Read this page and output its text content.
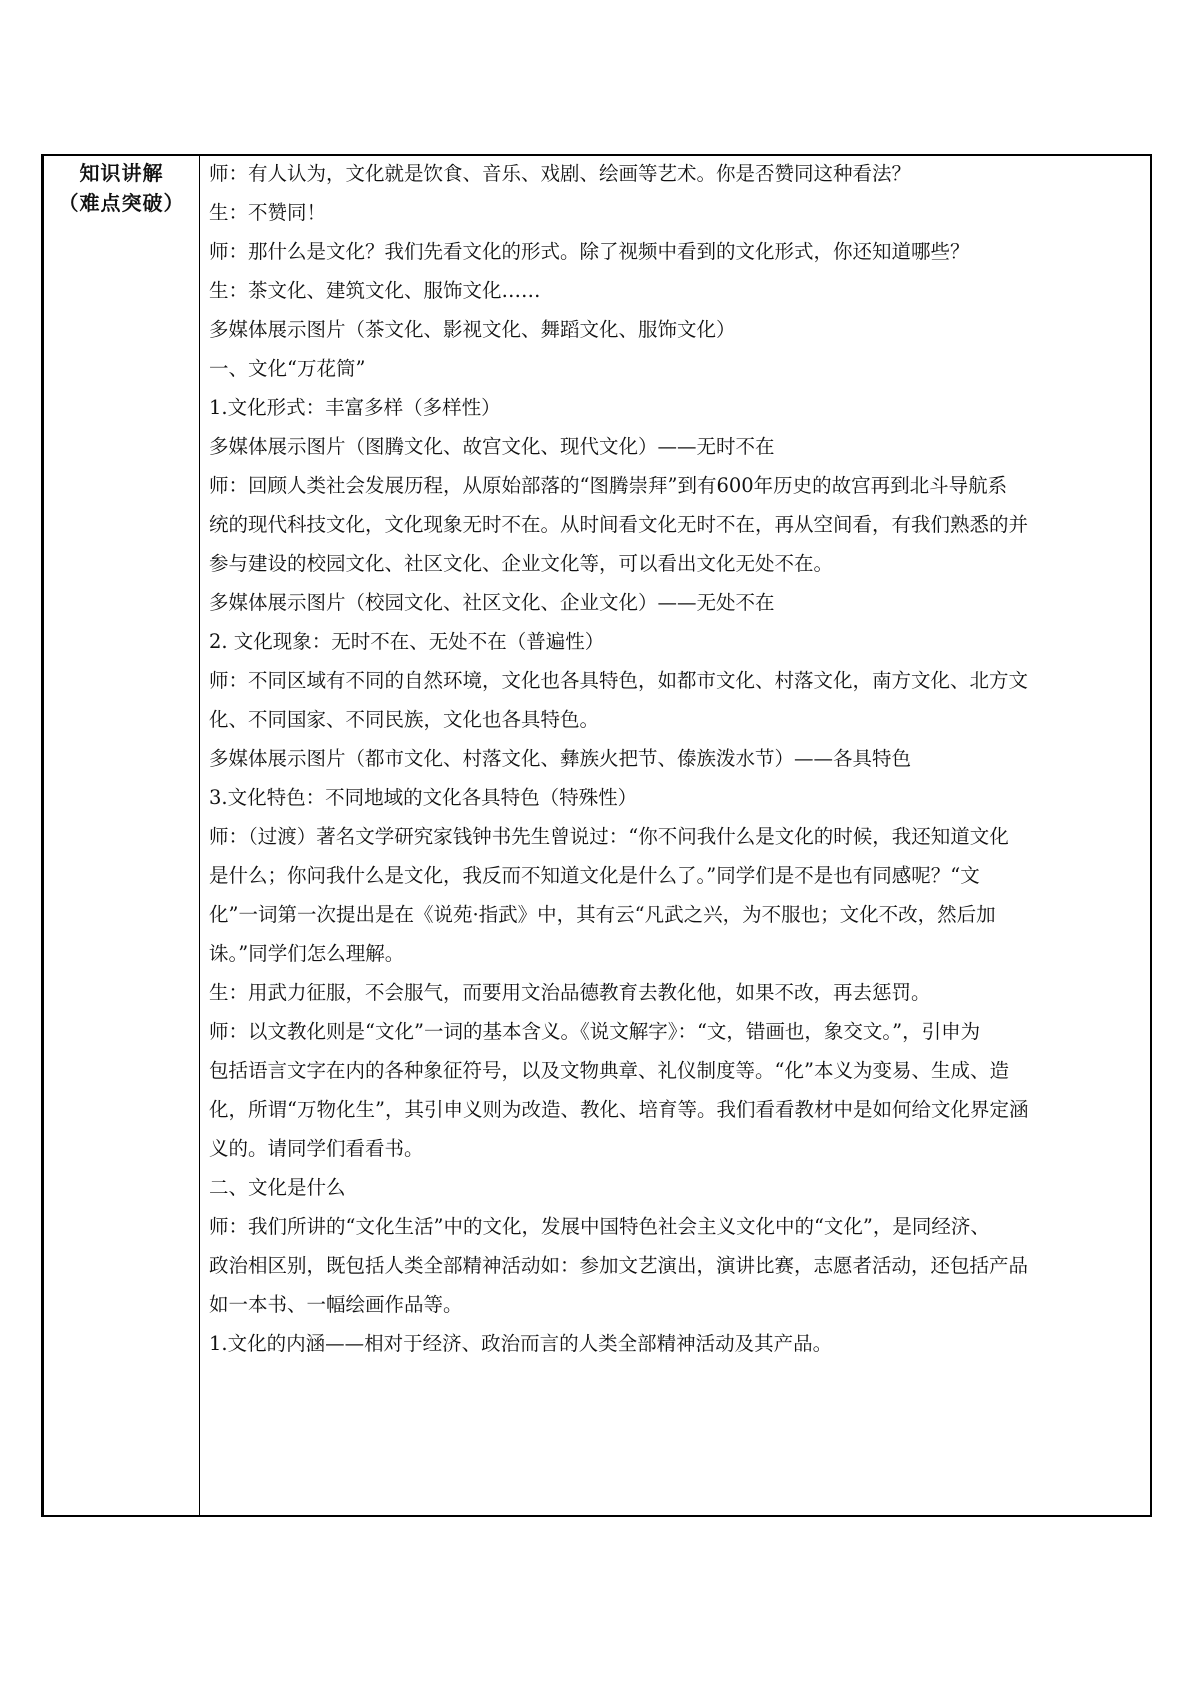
知识讲解
（难点突破）
师：有人认为，文化就是饮食、音乐、戏剧、绘画等艺术。你是否赞同这种看法？
生：不赞同！
师：那什么是文化？我们先看文化的形式。除了视频中看到的文化形式，你还知道哪些？
生：茶文化、建筑文化、服饰文化……
多媒体展示图片（茶文化、影视文化、舞蹈文化、服饰文化）
一、文化“万花筒”
1.文化形式：丰富多样（多样性）
多媒体展示图片（图腾文化、故宫文化、现代文化）——无时不在
师：回顾人类社会发展历程，从原始部落的“图腾崇拜”到有600年历史的故宫再到北斗导航系
统的现代科技文化，文化现象无时不在。从时间看文化无时不在，再从空间看，有我们熟悉的并
参与建设的校园文化、社区文化、企业文化等，可以看出文化无处不在。
多媒体展示图片（校园文化、社区文化、企业文化）——无处不在
2. 文化现象：无时不在、无处不在（普遍性）
师：不同区域有不同的自然环境，文化也各具特色，如都市文化、村落文化，南方文化、北方文
化、不同国家、不同民族，文化也各具特色。
多媒体展示图片（都市文化、村落文化、彝族火把节、傣族泼水节）——各具特色
3.文化特色：不同地域的文化各具特色（特殊性）
师：（过渡）著名文学研究家钱钟书先生曾说过：“你不问我什么是文化的时候，我还知道文化
是什么；你问我什么是文化，我反而不知道文化是什么了。”同学们是不是也有同感呢？“文
化”一词第一次提出是在《说苑·指武》中，其有云“凡武之兴，为不服也；文化不改，然后加
诛。”同学们怎么理解。
生：用武力征服，不会服气，而要用文治品德教育去教化他，如果不改，再去惩罚。
师：以文教化则是“文化”一词的基本含义。《说文解字》：“文，错画也，象交文。”，引申为
包括语言文字在内的各种象征符号，以及文物典章、礼仪制度等。“化”本义为变易、生成、造
化，所谓“万物化生”，其引申义则为改造、教化、培育等。我们看看教材中是如何给文化界定涵
义的。请同学们看看书。
二、文化是什么
师：我们所讲的“文化生活”中的文化，发展中国特色社会主义文化中的“文化”，是同经济、
政治相区别，既包括人类全部精神活动如：参加文艺演出，演讲比赛，志愿者活动，还包括产品
如一本书、一幅绘画作品等。
1.文化的内涵——相对于经济、政治而言的人类全部精神活动及其产品。
